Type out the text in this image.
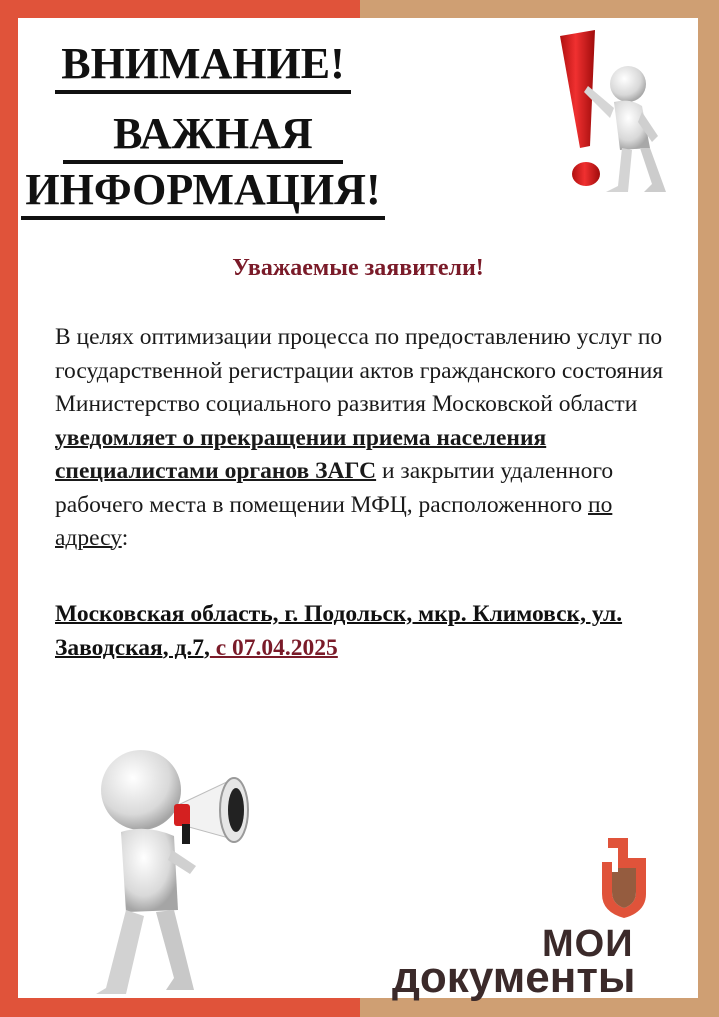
ВНИМАНИЕ!
ВАЖНАЯ
ИНФОРМАЦИЯ!
Уважаемые заявители!
В целях оптимизации процесса по предоставлению услуг по государственной регистрации актов гражданского состояния Министерство социального развития Московской области уведомляет о прекращении приема населения специалистами органов ЗАГС и закрытии удаленного рабочего места в помещении МФЦ, расположенного по адресу:
Московская область, г. Подольск, мкр. Климовск, ул. Заводская, д.7, с 07.04.2025
МОИ
документы
